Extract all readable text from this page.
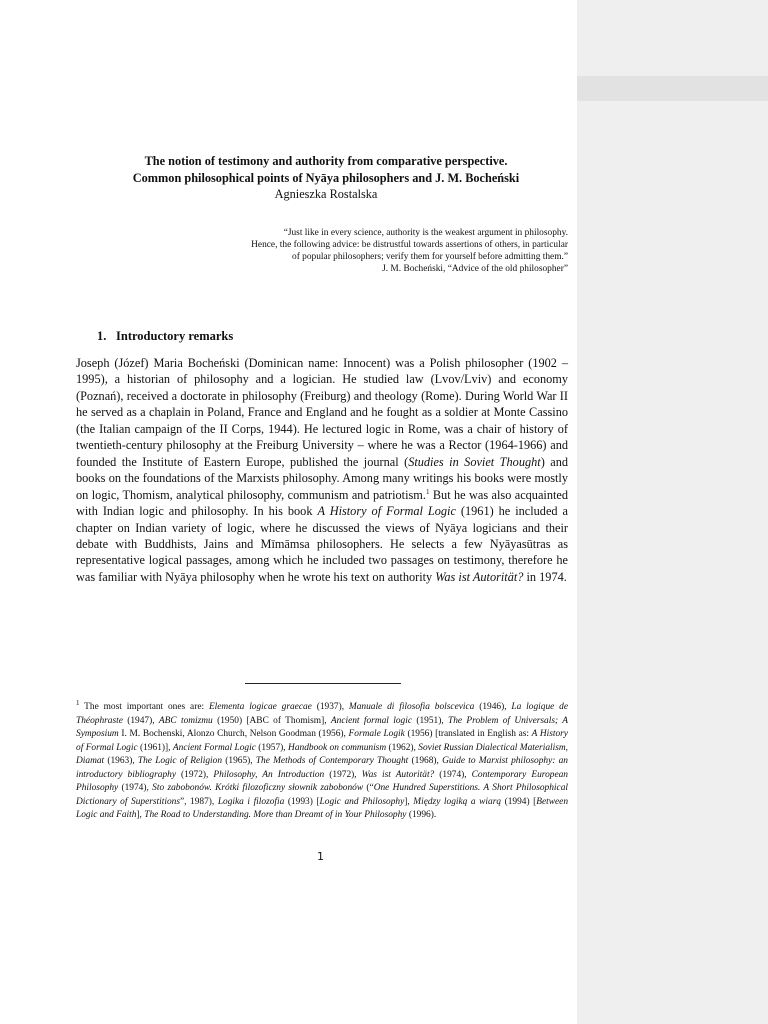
The notion of testimony and authority from comparative perspective.
Common philosophical points of Nyāya philosophers and J. M. Bocheński
Agnieszka Rostalska
“Just like in every science, authority is the weakest argument in philosophy.
Hence, the following advice: be distrustful towards assertions of others, in particular
of popular philosophers; verify them for yourself before admitting them.”
J. M. Bocheński, “Advice of the old philosopher”
1. Introductory remarks

Joseph (Józef) Maria Bocheński (Dominican name: Innocent) was a Polish philosopher (1902 – 1995), a historian of philosophy and a logician. He studied law (Lvov/Lviv) and economy (Poznań), received a doctorate in philosophy (Freiburg) and theology (Rome). During World War II he served as a chaplain in Poland, France and England and he fought as a soldier at Monte Cassino (the Italian campaign of the II Corps, 1944). He lectured logic in Rome, was a chair of history of twentieth-century philosophy at the Freiburg University – where he was a Rector (1964-1966) and founded the Institute of Eastern Europe, published the journal (Studies in Soviet Thought) and books on the foundations of the Marxists philosophy. Among many writings his books were mostly on logic, Thomism, analytical philosophy, communism and patriotism.$^1$ But he was also acquainted with Indian logic and philosophy. In his book A History of Formal Logic (1961) he included a chapter on Indian variety of logic, where he discussed the views of Nyāya logicians and their debate with Buddhists, Jains and Mīmāmsa philosophers. He selects a few Nyāyasūtras as representative logical passages, among which he included two passages on testimony, therefore he was familiar with Nyāya philosophy when he wrote his text on authority Was ist Autorität? in 1974.

$^1$ The most important ones are: Elementa logicae graecae (1937), Manuale di filosofia bolscevica (1946), La logique de Théophraste (1947), ABC tomizmu (1950) [ABC of Thomism], Ancient formal logic (1951), The Problem of Universals; A Symposium I. M. Bochenski, Alonzo Church, Nelson Goodman (1956), Formale Logik (1956) [translated in English as: A History of Formal Logic (1961)], Ancient Formal Logic (1957), Handbook on communism (1962), Soviet Russian Dialectical Materialism, Diamat (1963), The Logic of Religion (1965), The Methods of Contemporary Thought (1968), Guide to Marxist philosophy: an introductory bibliography (1972), Philosophy, An Introduction (1972), Was ist Autorität? (1974), Contemporary European Philosophy (1974), Sto zabobonów. Krótki filozoficzny słownik zabobonów (“One Hundred Superstitions. A Short Philosophical Dictionary of Superstitions”, 1987), Logika i filozofia (1993) [Logic and Philosophy], Między logiką a wiarą (1994) [Between Logic and Faith], The Road to Understanding. More than Dreamt of in Your Philosophy (1996).

1
